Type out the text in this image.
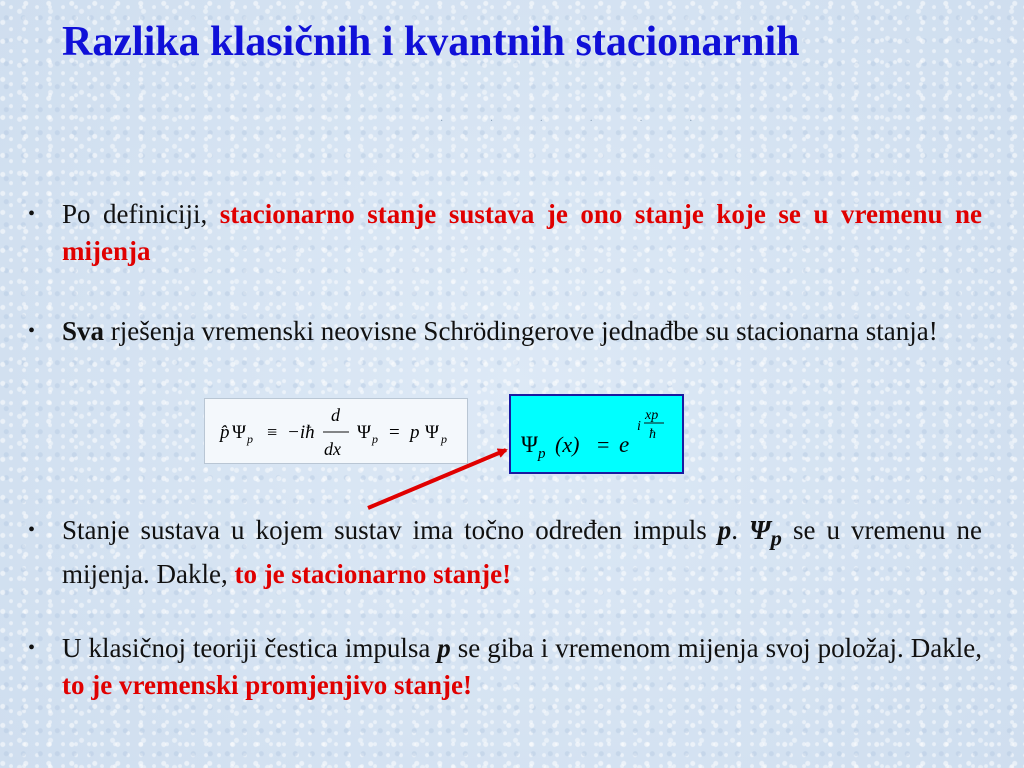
Razlika klasičnih i kvantnih stacionarnih
· · · · · ·
• Po definiciji, stacionarno stanje sustava je ono stanje koje se u vremenu ne mijenja
• Sva rješenja vremenski neovisne Schrödingerove jednađbe su stacionarna stanja!
p̂ Ψ p ≡ −iħ
d
dx
Ψ p = p Ψ p	Ψ p (x) = e
i
xp
ħ
• Stanje sustava u kojem sustav ima točno određen impuls p. $\Psi_p$ se u vremenu ne mijenja. Dakle, to je stacionarno stanje!
• U klasičnoj teoriji čestica impulsa p se giba i vremenom mijenja svoj položaj. Dakle, to je vremenski promjenjivo stanje!
